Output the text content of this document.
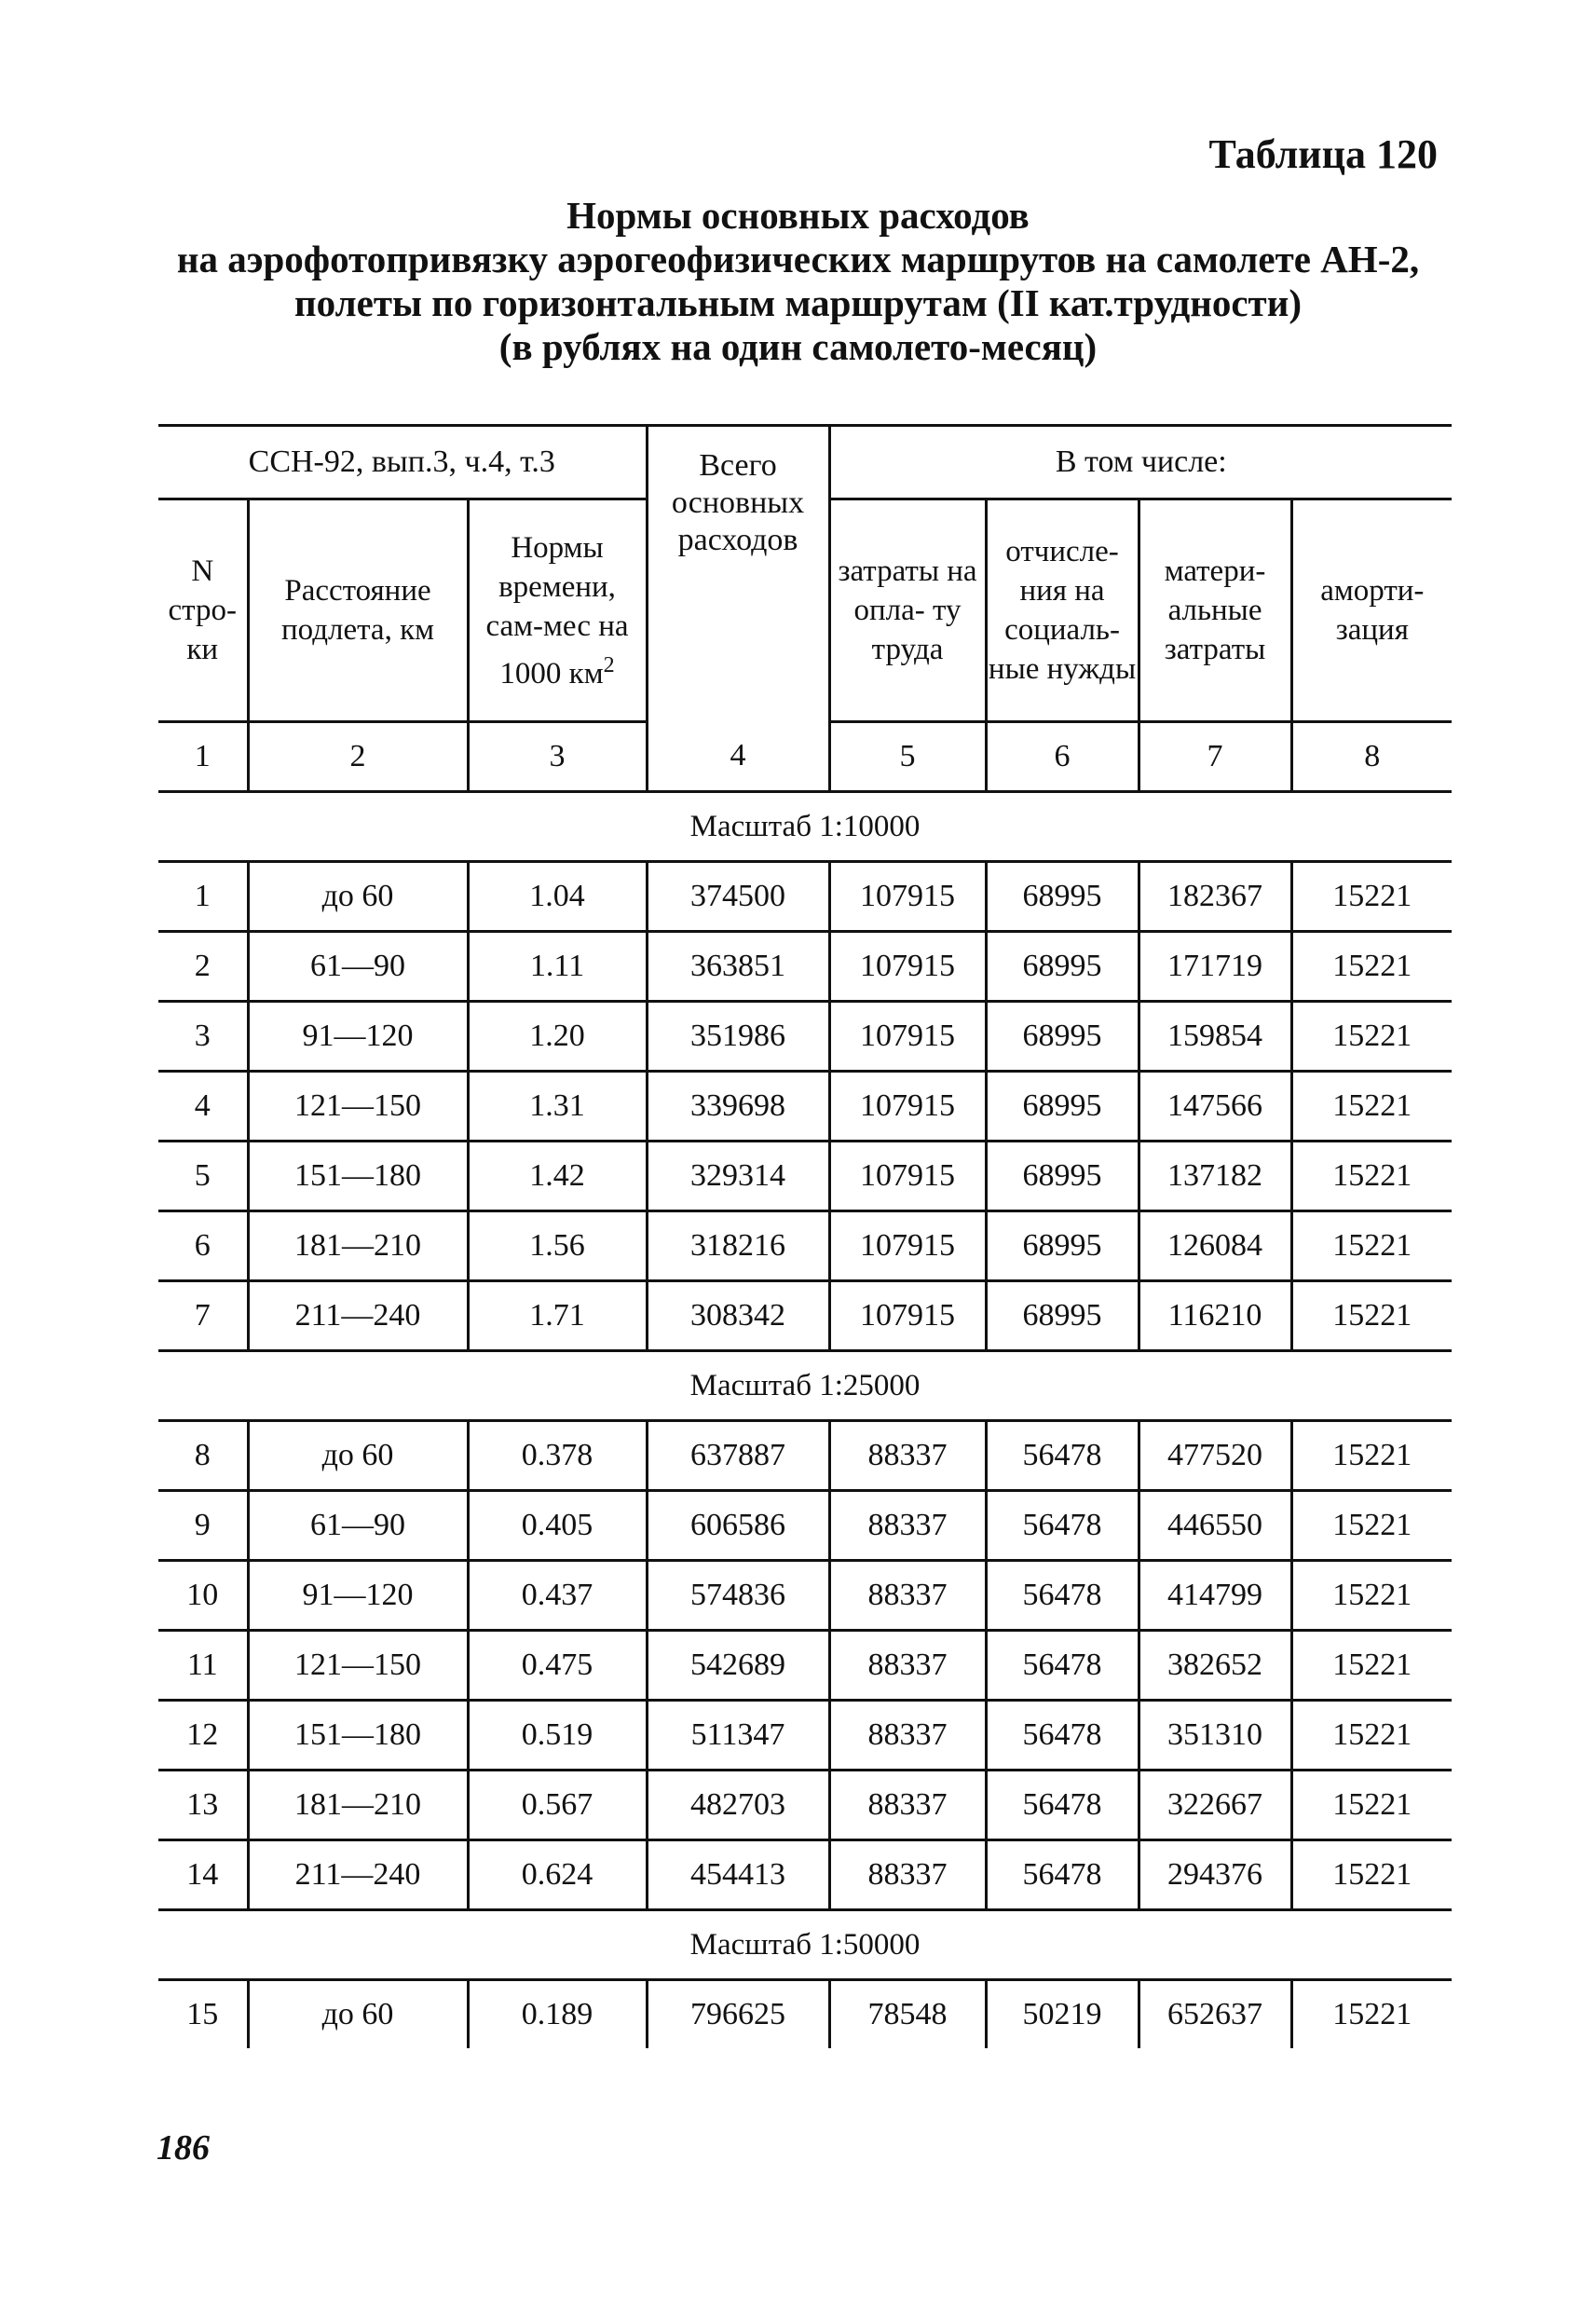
Таблица 120
Нормы основных расходов
на аэрофотопривязку аэрогеофизических маршрутов на самолете АН-2,
полеты по горизонтальным маршрутам (II кат.трудности)
(в рублях на один самолето-месяц)
ССН-92, вып.3, ч.4, т.3			Всего основных расходов	В том числе:			
N стро- ки	Расстояние подлета, км	Нормы времени, сам-мес на 1000 $км^2$		затраты на опла- ту труда	отчисле- ния на социаль- ные нужды	матери- альные затраты	аморти- зация
1	2	3	4	5	6	7	8
Масштаб 1:10000							
1	до 60	1.04	374500	107915	68995	182367	15221
2	61—90	1.11	363851	107915	68995	171719	15221
3	91—120	1.20	351986	107915	68995	159854	15221
4	121—150	1.31	339698	107915	68995	147566	15221
5	151—180	1.42	329314	107915	68995	137182	15221
6	181—210	1.56	318216	107915	68995	126084	15221
7	211—240	1.71	308342	107915	68995	116210	15221
Масштаб 1:25000							
8	до 60	0.378	637887	88337	56478	477520	15221
9	61—90	0.405	606586	88337	56478	446550	15221
10	91—120	0.437	574836	88337	56478	414799	15221
11	121—150	0.475	542689	88337	56478	382652	15221
12	151—180	0.519	511347	88337	56478	351310	15221
13	181—210	0.567	482703	88337	56478	322667	15221
14	211—240	0.624	454413	88337	56478	294376	15221
Масштаб 1:50000							
15	до 60	0.189	796625	78548	50219	652637	15221
186
